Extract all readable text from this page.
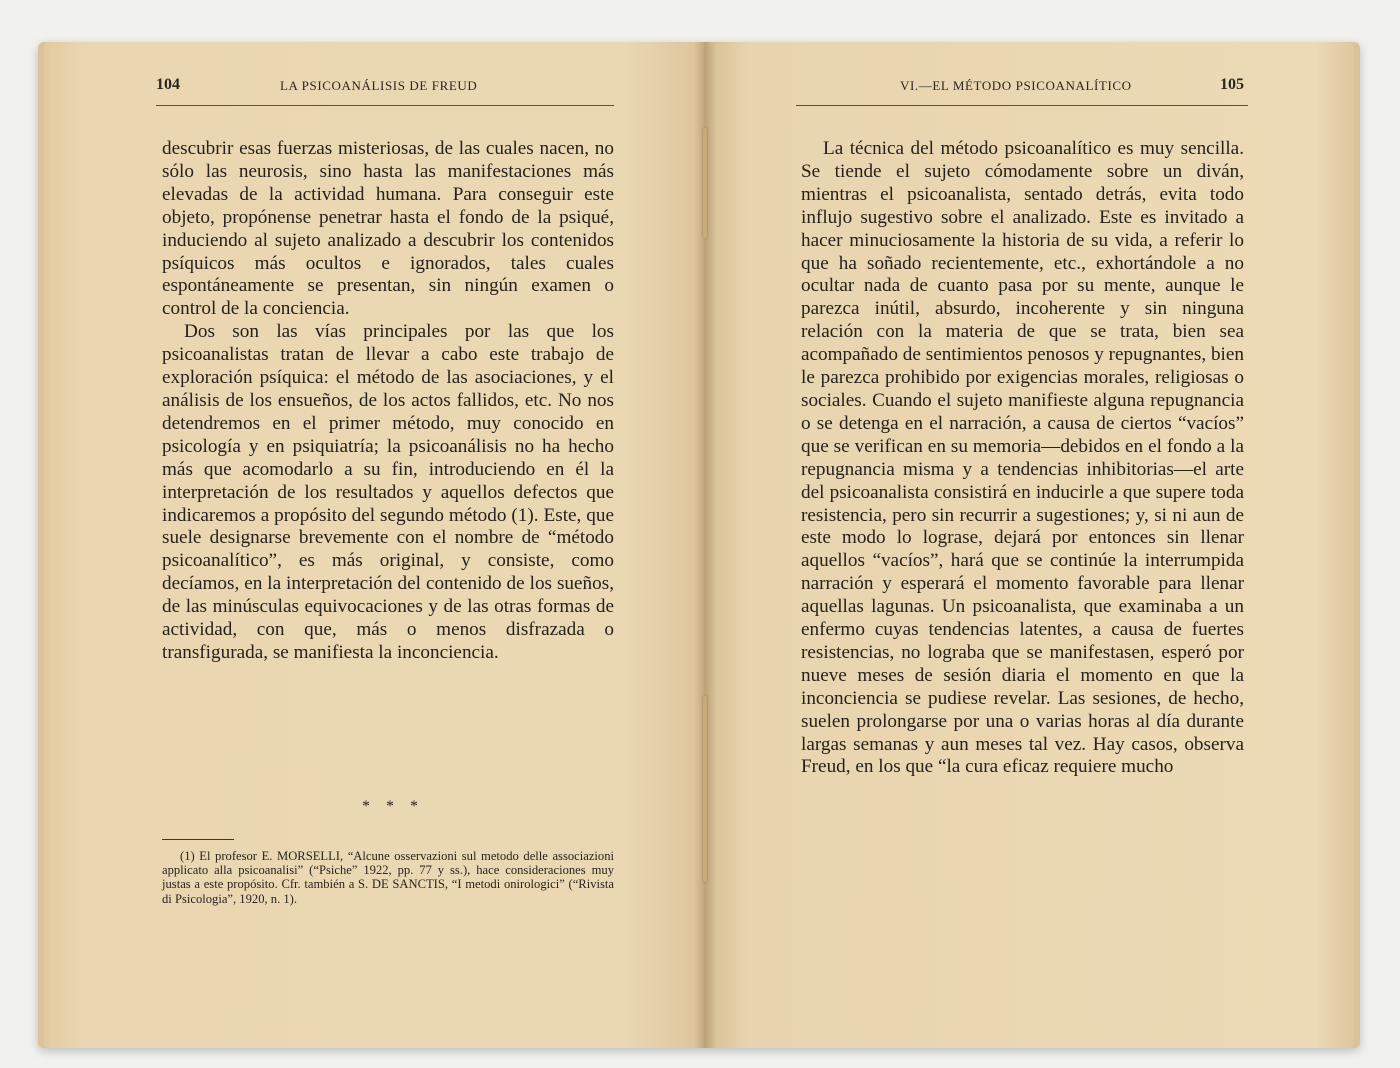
104	LA PSICOANÁLISIS DE FREUD

descubrir esas fuerzas misteriosas, de las cuales nacen, no sólo las neurosis, sino hasta las manifestaciones más elevadas de la actividad humana. Para conseguir este objeto, propónense penetrar hasta el fondo de la psiqué, induciendo al sujeto analizado a descubrir los contenidos psíquicos más ocultos e ignorados, tales cuales espontáneamente se presentan, sin ningún examen o control de la conciencia.

Dos son las vías principales por las que los psicoanalistas tratan de llevar a cabo este trabajo de exploración psíquica: el método de las asociaciones, y el análisis de los ensueños, de los actos fallidos, etc. No nos detendremos en el primer método, muy conocido en psicología y en psiquiatría; la psicoanálisis no ha hecho más que acomodarlo a su fin, introduciendo en él la interpretación de los resultados y aquellos defectos que indicaremos a propósito del segundo método (1). Este, que suele designarse brevemente con el nombre de “método psicoanalítico”, es más original, y consiste, como decíamos, en la interpretación del contenido de los sueños, de las minúsculas equivocaciones y de las otras formas de actividad, con que, más o menos disfrazada o transfigurada, se manifiesta la inconciencia.

* * *

(1) El profesor E. MORSELLI, “Alcune osservazioni sul metodo delle associazioni applicato alla psicoanalisi” (“Psiche” 1922, pp. 77 y ss.), hace consideraciones muy justas a este propósito. Cfr. también a S. DE SANCTIS, “I metodi onirologici” (“Rivista di Psicologia”, 1920, n. 1).

VI.—EL MÉTODO PSICOANALÍTICO	105

La técnica del método psicoanalítico es muy sencilla. Se tiende el sujeto cómodamente sobre un diván, mientras el psicoanalista, sentado detrás, evita todo influjo sugestivo sobre el analizado. Este es invitado a hacer minuciosamente la historia de su vida, a referir lo que ha soñado recientemente, etc., exhortándole a no ocultar nada de cuanto pasa por su mente, aunque le parezca inútil, absurdo, incoherente y sin ninguna relación con la materia de que se trata, bien sea acompañado de sentimientos penosos y repugnantes, bien le parezca prohibido por exigencias morales, religiosas o sociales. Cuando el sujeto manifieste alguna repugnancia o se detenga en el narración, a causa de ciertos “vacíos” que se verifican en su memoria—debidos en el fondo a la repugnancia misma y a tendencias inhibitorias—el arte del psicoanalista consistirá en inducirle a que supere toda resistencia, pero sin recurrir a sugestiones; y, si ni aun de este modo lo lograse, dejará por entonces sin llenar aquellos “vacíos”, hará que se continúe la interrumpida narración y esperará el momento favorable para llenar aquellas lagunas. Un psicoanalista, que examinaba a un enfermo cuyas tendencias latentes, a causa de fuertes resistencias, no lograba que se manifestasen, esperó por nueve meses de sesión diaria el momento en que la inconciencia se pudiese revelar. Las sesiones, de hecho, suelen prolongarse por una o varias horas al día durante largas semanas y aun meses tal vez. Hay casos, observa Freud, en los que “la cura eficaz requiere mucho
